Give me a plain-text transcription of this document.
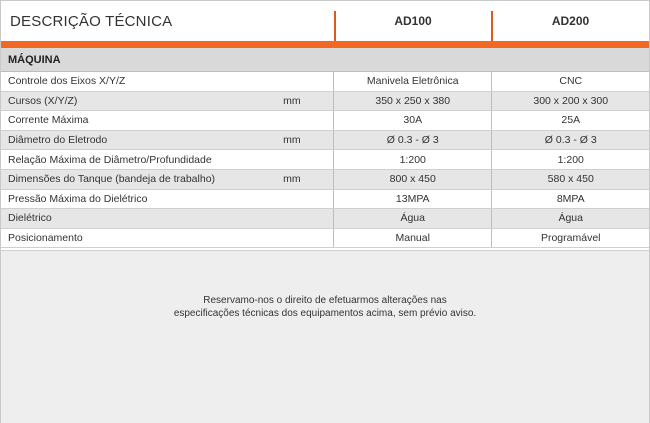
DESCRIÇÃO TÉCNICA	AD100	AD200
MÁQUINA
Controle dos Eixos X/Y/Z	Manivela Eletrônica	CNC
Cursos (X/Y/Z)	mm	350 x 250 x 380	300 x 200 x 300
Corrente Máxima	30A	25A
Diâmetro do Eletrodo	mm	Ø 0.3 - Ø 3	Ø 0.3 - Ø 3
Relação Máxima de Diâmetro/Profundidade	1:200	1:200
Dimensões do Tanque (bandeja de trabalho)	mm	800 x 450	580 x 450
Pressão Máxima do Dielétrico	13MPA	8MPA
Dielétrico	Água	Água
Posicionamento	Manual	Programável
Reservamo-nos o direito de efetuarmos alterações nas
especificações técnicas dos equipamentos acima, sem prévio aviso.
